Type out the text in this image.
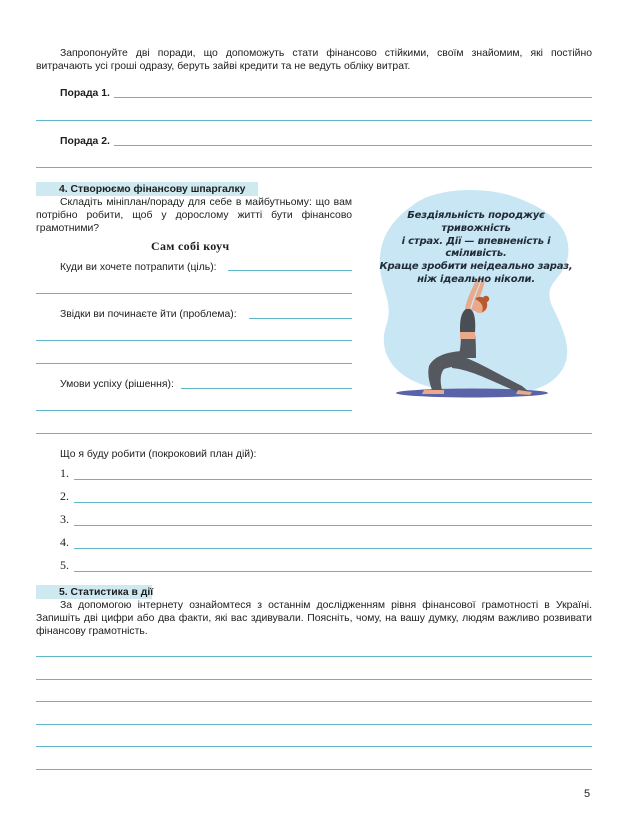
Запропонуйте дві поради, що допоможуть стати фінансово стійкими, своїм знайомим, які постійно витрачають усі гроші одразу, беруть зайві кредити та не ведуть обліку витрат.
Порада 1.
Порада 2.
4. Створюємо фінансову шпаргалку
Складіть мініплан/пораду для себе в майбутньому: що вам потрібно робити, щоб у дорослому житті бути фінансово грамотними?
Сам собі коуч
Куди ви хочете потрапити (ціль):
Звідки ви починаєте йти (проблема):
Умови успіху (рішення):
Бездіяльність породжує тривожність
і страх. Дії — впевненість і сміливість.
Краще зробити неідеально зараз,
ніж ідеально ніколи.
Що я буду робити (покроковий план дій):
1.
2.
3.
4.
5.
5. Статистика в дії
За допомогою інтернету ознайомтеся з останнім дослідженням рівня фінансової грамотності в Україні. Запишіть дві цифри або два факти, які вас здивували. Поясніть, чому, на вашу думку, людям важливо розвивати фінансову грамотність.
5
